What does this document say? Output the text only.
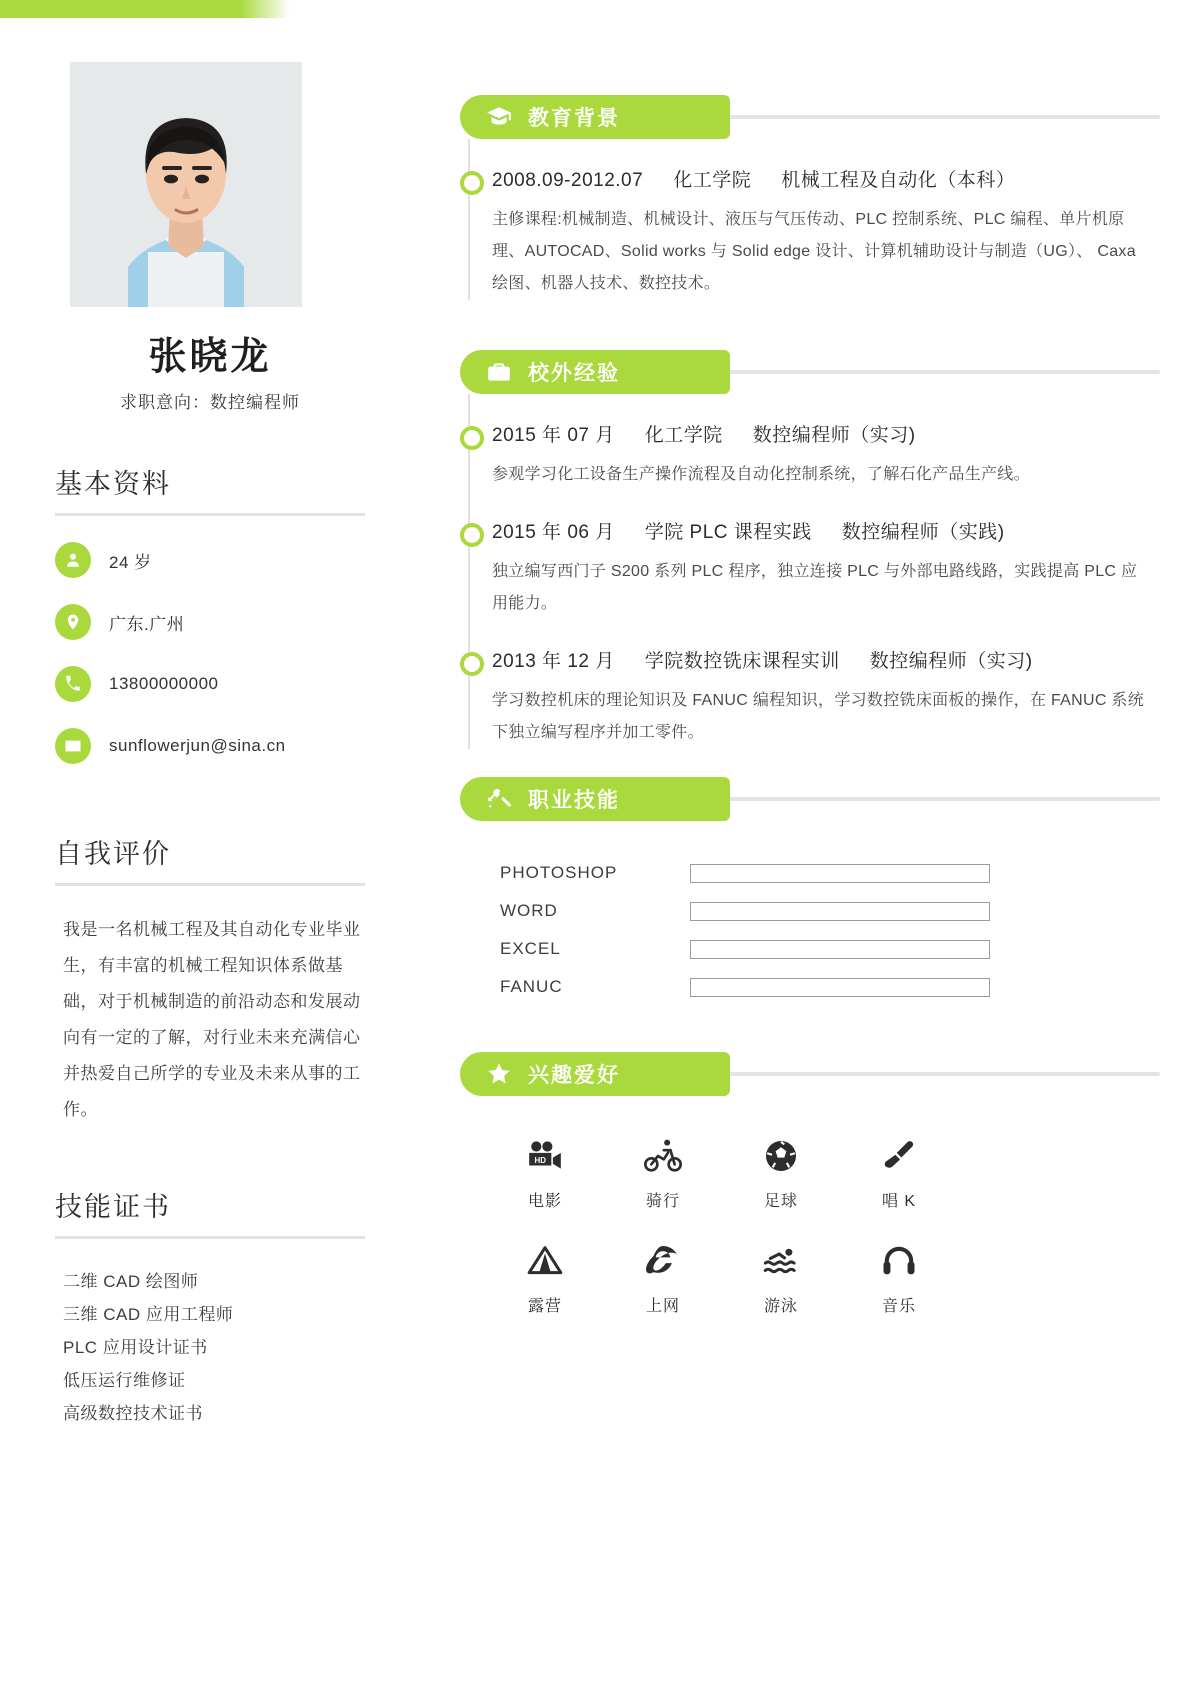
张晓龙
求职意向：数控编程师
基本资料
24 岁
广东.广州
13800000000
sunflowerjun@sina.cn
自我评价
我是一名机械工程及其自动化专业毕业生，有丰富的机械工程知识体系做基础，对于机械制造的前沿动态和发展动向有一定的了解，对行业未来充满信心并热爱自己所学的专业及未来从事的工作。
技能证书
二维 CAD 绘图师
三维 CAD 应用工程师
PLC 应用设计证书
低压运行维修证
高级数控技术证书
教育背景
2008.09-2012.07 化工学院 机械工程及自动化（本科）
主修课程:机械制造、机械设计、液压与气压传动、PLC 控制系统、PLC 编程、单片机原理、AUTOCAD、Solid works 与 Solid edge 设计、计算机辅助设计与制造（UG）、 Caxa 绘图、机器人技术、数控技术。
校外经验
2015 年 07 月 化工学院 数控编程师（实习)
参观学习化工设备生产操作流程及自动化控制系统，了解石化产品生产线。
2015 年 06 月 学院 PLC 课程实践 数控编程师（实践)
独立编写西门子 S200 系列 PLC 程序，独立连接 PLC 与外部电路线路，实践提高 PLC 应用能力。
2013 年 12 月 学院数控铣床课程实训 数控编程师（实习)
学习数控机床的理论知识及 FANUC 编程知识，学习数控铣床面板的操作，在 FANUC 系统下独立编写程序并加工零件。
职业技能
PHOTOSHOP
WORD
EXCEL
FANUC
兴趣爱好
HD
电影	骑行	足球	唱 K
露营	上网	游泳	音乐
